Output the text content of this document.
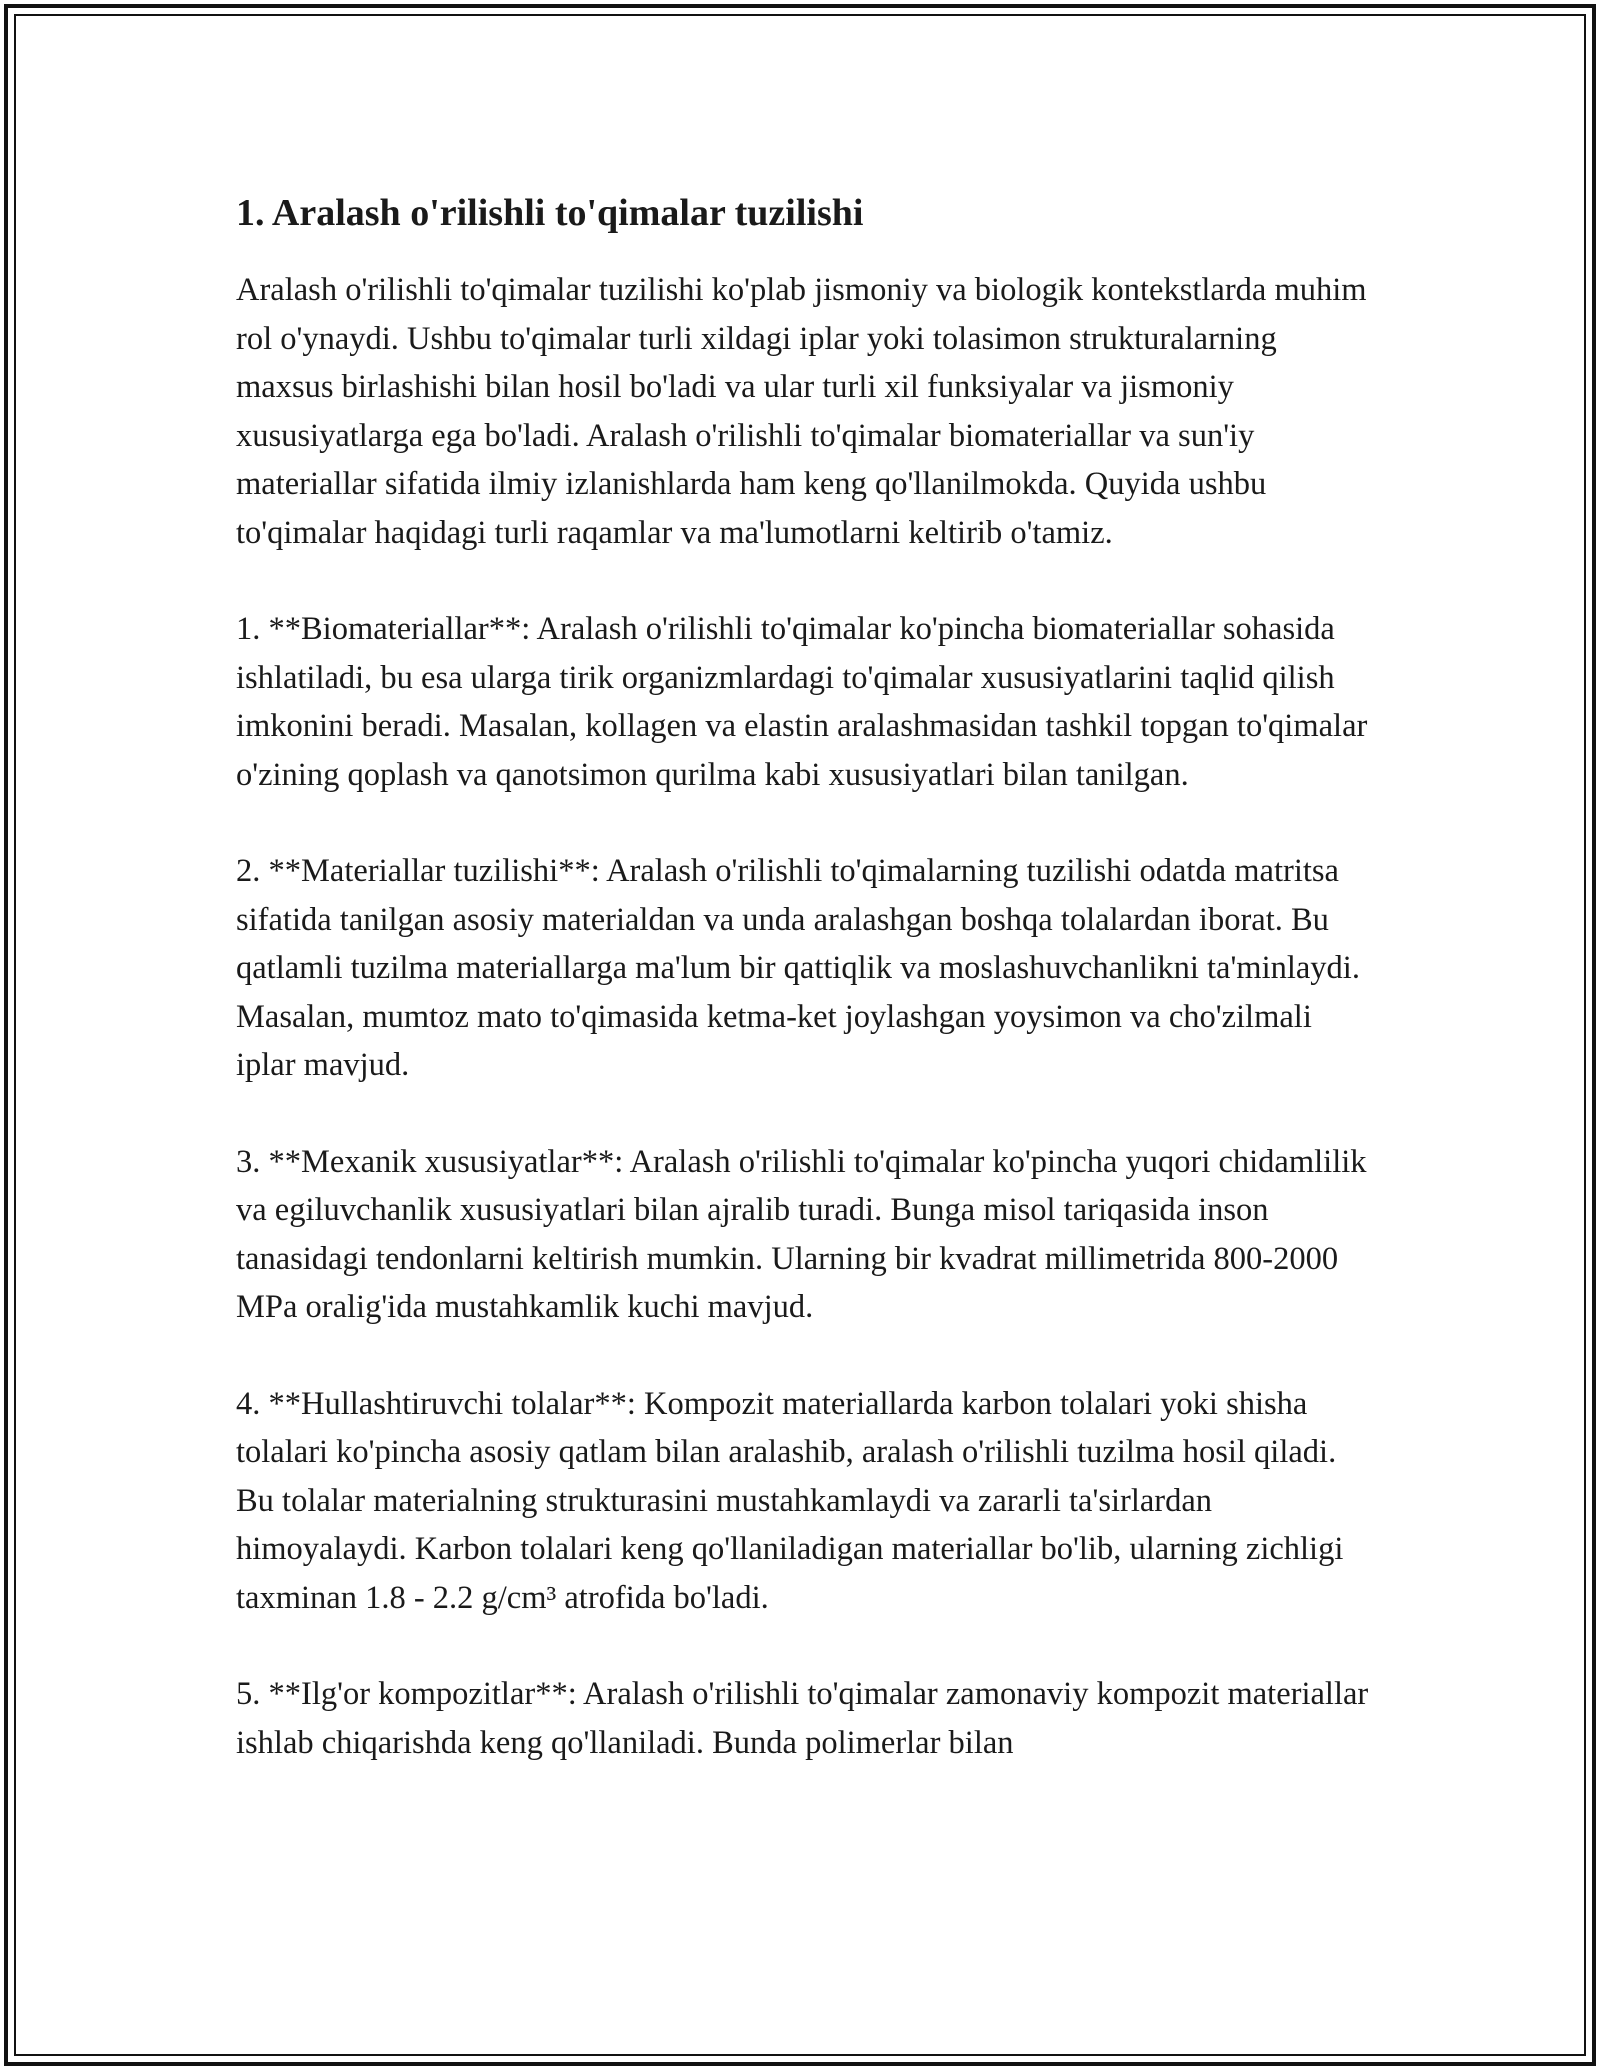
1. Aralash o'rilishli to'qimalar tuzilishi

Aralash o'rilishli to'qimalar tuzilishi ko'plab jismoniy va biologik kontekstlarda muhim rol o'ynaydi. Ushbu to'qimalar turli xildagi iplar yoki tolasimon strukturalarning maxsus birlashishi bilan hosil bo'ladi va ular turli xil funksiyalar va jismoniy xususiyatlarga ega bo'ladi. Aralash o'rilishli to'qimalar biomateriallar va sun'iy materiallar sifatida ilmiy izlanishlarda ham keng qo'llanilmokda. Quyida ushbu to'qimalar haqidagi turli raqamlar va ma'lumotlarni keltirib o'tamiz.

1. **Biomateriallar**: Aralash o'rilishli to'qimalar ko'pincha biomateriallar sohasida ishlatiladi, bu esa ularga tirik organizmlardagi to'qimalar xususiyatlarini taqlid qilish imkonini beradi. Masalan, kollagen va elastin aralashmasidan tashkil topgan to'qimalar o'zining qoplash va qanotsimon qurilma kabi xususiyatlari bilan tanilgan.

2. **Materiallar tuzilishi**: Aralash o'rilishli to'qimalarning tuzilishi odatda matritsa sifatida tanilgan asosiy materialdan va unda aralashgan boshqa tolalardan iborat. Bu qatlamli tuzilma materiallarga ma'lum bir qattiqlik va moslashuvchanlikni ta'minlaydi. Masalan, mumtoz mato to'qimasida ketma-ket joylashgan yoysimon va cho'zilmali iplar mavjud.

3. **Mexanik xususiyatlar**: Aralash o'rilishli to'qimalar ko'pincha yuqori chidamlilik va egiluvchanlik xususiyatlari bilan ajralib turadi. Bunga misol tariqasida inson tanasidagi tendonlarni keltirish mumkin. Ularning bir kvadrat millimetrida 800-2000 MPa oralig'ida mustahkamlik kuchi mavjud.

4. **Hullashtiruvchi tolalar**: Kompozit materiallarda karbon tolalari yoki shisha tolalari ko'pincha asosiy qatlam bilan aralashib, aralash o'rilishli tuzilma hosil qiladi. Bu tolalar materialning strukturasini mustahkamlaydi va zararli ta'sirlardan himoyalaydi. Karbon tolalari keng qo'llaniladigan materiallar bo'lib, ularning zichligi taxminan 1.8 - 2.2 g/cm³ atrofida bo'ladi.

5. **Ilg'or kompozitlar**: Aralash o'rilishli to'qimalar zamonaviy kompozit materiallar ishlab chiqarishda keng qo'llaniladi. Bunda polimerlar bilan
